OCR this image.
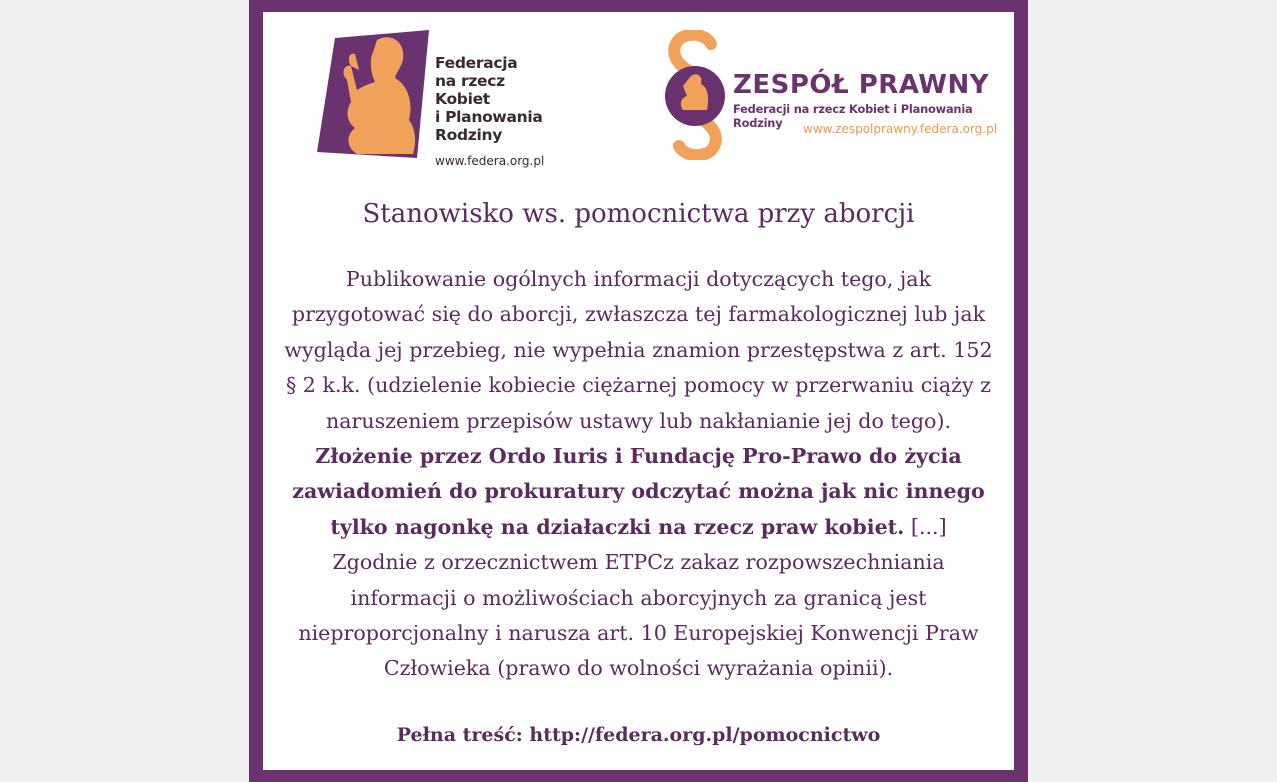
Federacja
na rzecz
Kobiet
i Planowania
Rodziny
www.federa.org.pl
ZESPÓŁ PRAWNY
Federacji na rzecz Kobiet i Planowania Rodziny	www.zespolprawny.federa.org.pl
Stanowisko ws. pomocnictwa przy aborcji

Publikowanie ogólnych informacji dotyczących tego, jak przygotować się do aborcji, zwłaszcza tej farmakologicznej lub jak wygląda jej przebieg, nie wypełnia znamion przestępstwa z art. 152 § 2 k.k. (udzielenie kobiecie ciężarnej pomocy w przerwaniu ciąży z naruszeniem przepisów ustawy lub nakłanianie jej do tego).

Złożenie przez Ordo Iuris i Fundację Pro-Prawo do życia zawiadomień do prokuratury odczytać można jak nic innego tylko nagonkę na działaczki na rzecz praw kobiet. [...]

Zgodnie z orzecznictwem ETPCz zakaz rozpowszechniania informacji o możliwościach aborcyjnych za granicą jest nieproporcjonalny i narusza art. 10 Europejskiej Konwencji Praw Człowieka (prawo do wolności wyrażania opinii).

Pełna treść: http://federa.org.pl/pomocnictwo
